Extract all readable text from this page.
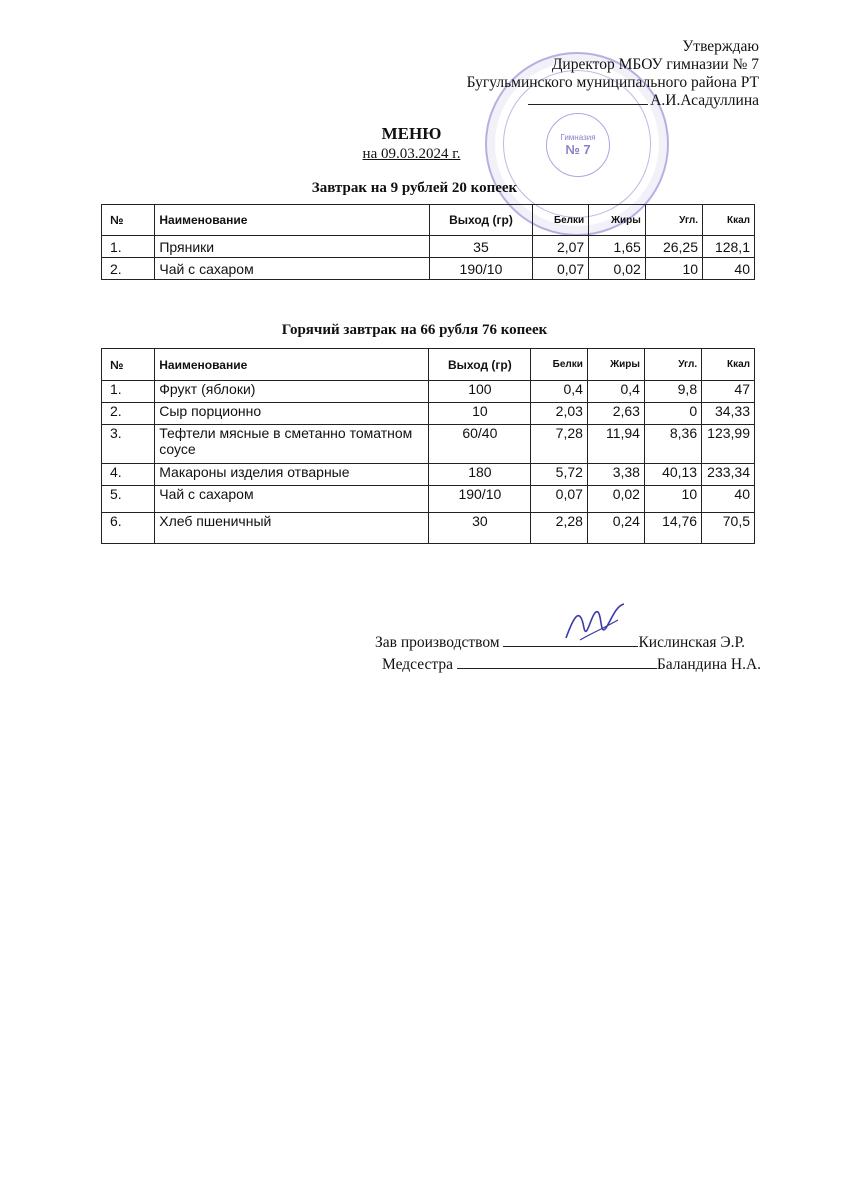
Гимназия
№ 7
Утверждаю
Директор МБОУ гимназии № 7
Бугульминского муниципального района РТ
А.И.Асадуллина
МЕНЮ
на 09.03.2024 г.
Завтрак на 9 рублей 20 копеек
№	Наименование	Выход (гр)	Белки	Жиры	Угл.	Ккал
1.	Пряники	35	2,07	1,65	26,25	128,1
2.	Чай с сахаром	190/10	0,07	0,02	10	40
Горячий завтрак на 66 рубля 76 копеек
№	Наименование	Выход (гр)	Белки	Жиры	Угл.	Ккал
1.	Фрукт (яблоки)	100	0,4	0,4	9,8	47
2.	Сыр порционно	10	2,03	2,63	0	34,33
3.	Тефтели мясные в сметанно томатном соусе	60/40	7,28	11,94	8,36	123,99
4.	Макароны изделия отварные	180	5,72	3,38	40,13	233,34
5.	Чай с сахаром	190/10	0,07	0,02	10	40
6.	Хлеб пшеничный	30	2,28	0,24	14,76	70,5
Зав производством	Кислинская Э.Р.
Медсестра	Баландина Н.А.
